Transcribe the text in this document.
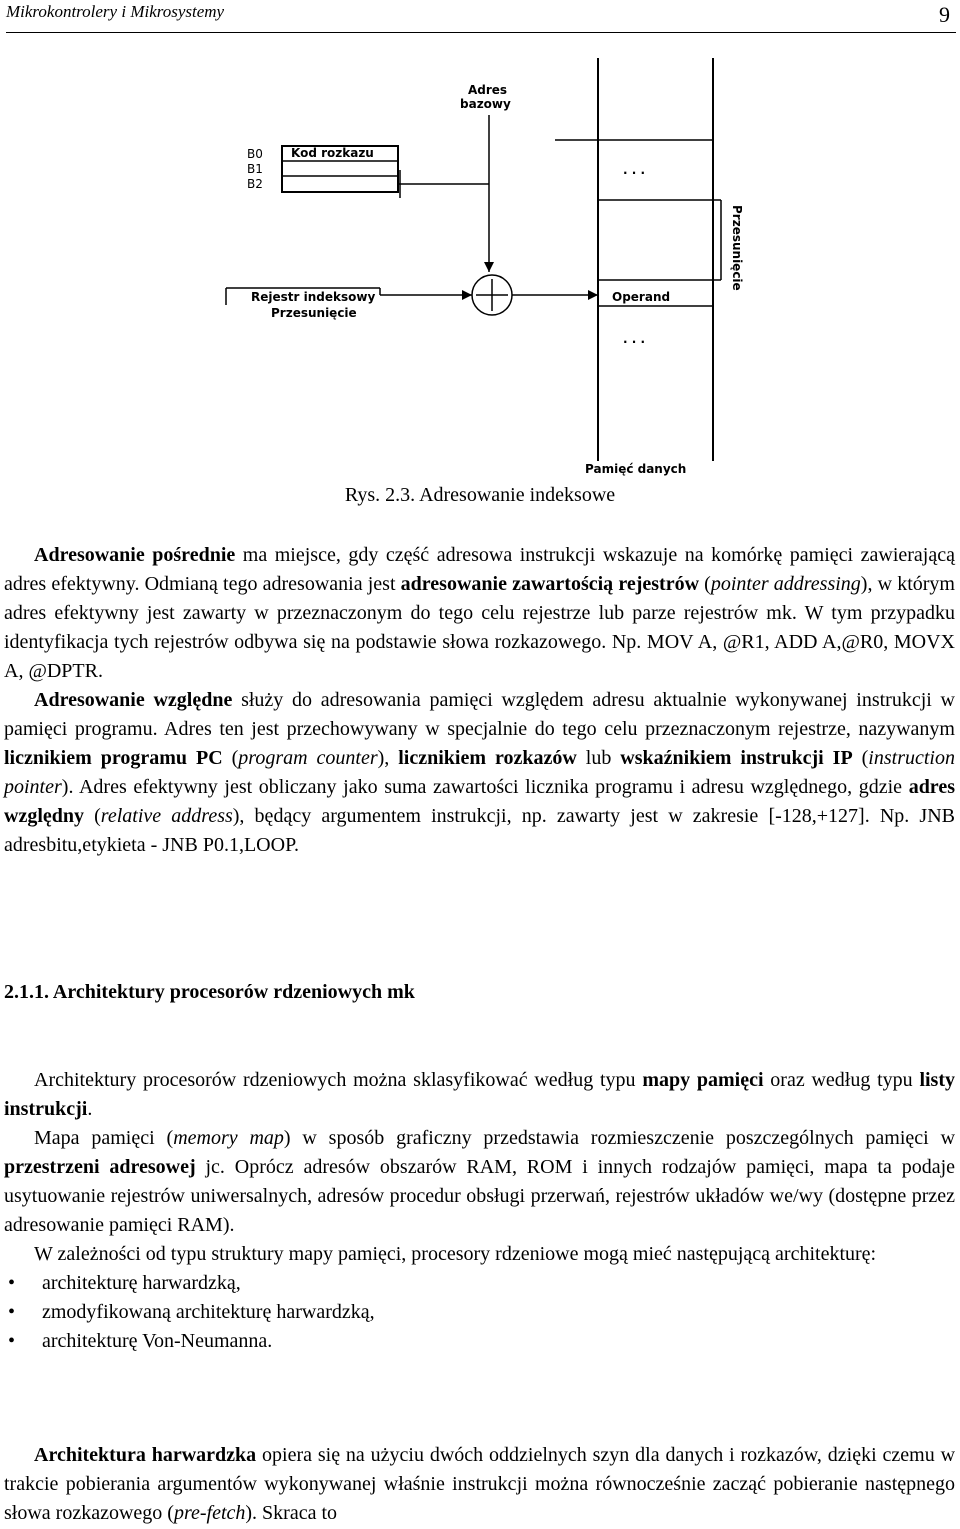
Mikrokontrolery i Mikrosystemy	9
B0
B1
B2
Kod rozkazu
Adres
bazowy
Rejestr indeksowy
Przesunięcie
. . .
Operand
. . .
Pamięć danych
Przesunięcie
Rys. 2.3. Adresowanie indeksowe

Adresowanie pośrednie ma miejsce, gdy część adresowa instrukcji wskazuje na komórkę pamięci zawierającą adres efektywny. Odmianą tego adresowania jest adresowanie zawartością rejestrów (pointer addressing), w którym adres efektywny jest zawarty w przeznaczonym do tego celu rejestrze lub parze rejestrów mk. W tym przypadku identyfikacja tych rejestrów odbywa się na podstawie słowa rozkazowego. Np. MOV A, @R1, ADD A,@R0, MOVX A, @DPTR.

Adresowanie względne służy do adresowania pamięci względem adresu aktualnie wykonywanej instrukcji w pamięci programu. Adres ten jest przechowywany w specjalnie do tego celu przeznaczonym rejestrze, nazywanym licznikiem programu PC (program counter), licznikiem rozkazów lub wskaźnikiem instrukcji IP (instruction pointer). Adres efektywny jest obliczany jako suma zawartości licznika programu i adresu względnego, gdzie adres względny (relative address), będący argumentem instrukcji, np. zawarty jest w zakresie [-128,+127]. Np. JNB adresbitu,etykieta - JNB P0.1,LOOP.

2.1.1. Architektury procesorów rdzeniowych mk

Architektury procesorów rdzeniowych można sklasyfikować według typu mapy pamięci oraz według typu listy instrukcji.

Mapa pamięci (memory map) w sposób graficzny przedstawia rozmieszczenie poszczególnych pamięci w przestrzeni adresowej jc. Oprócz adresów obszarów RAM, ROM i innych rodzajów pamięci, mapa ta podaje usytuowanie rejestrów uniwersalnych, adresów procedur obsługi przerwań, rejestrów układów we/wy (dostępne przez adresowanie pamięci RAM).

W zależności od typu struktury mapy pamięci, procesory rdzeniowe mogą mieć następującą architekturę:

• architekturę harwardzką,
• zmodyfikowaną architekturę harwardzką,
• architekturę Von-Neumanna.

Architektura harwardzka opiera się na użyciu dwóch oddzielnych szyn dla danych i rozkazów, dzięki czemu w trakcie pobierania argumentów wykonywanej właśnie instrukcji można równocześnie zacząć pobieranie następnego słowa rozkazowego (pre-fetch). Skraca to
